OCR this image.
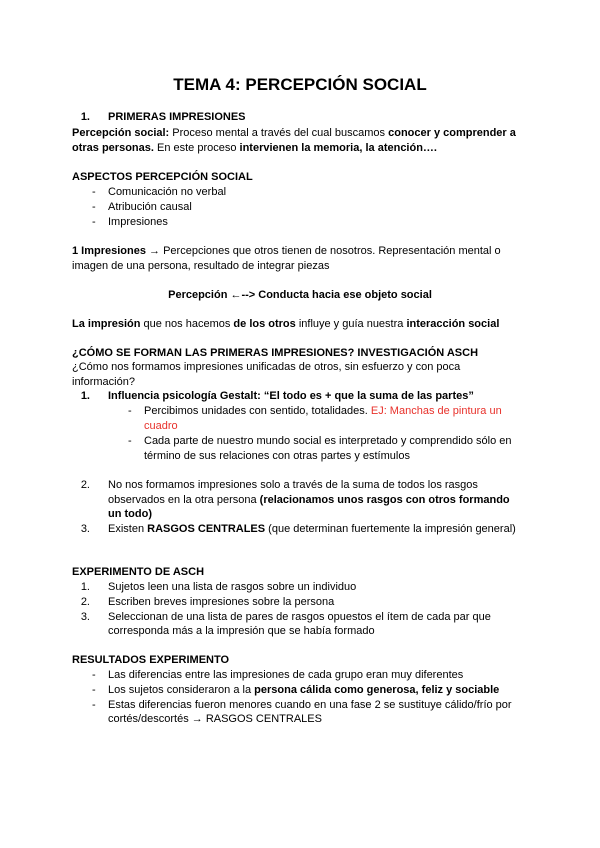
TEMA 4: PERCEPCIÓN SOCIAL
1. PRIMERAS IMPRESIONES
Percepción social: Proceso mental a través del cual buscamos conocer y comprender a
otras personas. En este proceso intervienen la memoria, la atención….
ASPECTOS PERCEPCIÓN SOCIAL
- Comunicación no verbal
- Atribución causal
- Impresiones
1 Impresiones → Percepciones que otros tienen de nosotros. Representación mental o
imagen de una persona, resultado de integrar piezas
Percepción ←--> Conducta hacia ese objeto social
La impresión que nos hacemos de los otros influye y guía nuestra interacción social
¿CÓMO SE FORMAN LAS PRIMERAS IMPRESIONES? INVESTIGACIÓN ASCH
¿Cómo nos formamos impresiones unificadas de otros, sin esfuerzo y con poca
información?
1. Influencia psicología Gestalt: “El todo es + que la suma de las partes”
- Percibimos unidades con sentido, totalidades. EJ: Manchas de pintura un
cuadro
- Cada parte de nuestro mundo social es interpretado y comprendido sólo en
término de sus relaciones con otras partes y estímulos
2. No nos formamos impresiones solo a través de la suma de todos los rasgos
observados en la otra persona (relacionamos unos rasgos con otros formando
un todo)
3. Existen RASGOS CENTRALES (que determinan fuertemente la impresión general)
EXPERIMENTO DE ASCH
1. Sujetos leen una lista de rasgos sobre un individuo
2. Escriben breves impresiones sobre la persona
3. Seleccionan de una lista de pares de rasgos opuestos el ítem de cada par que
corresponda más a la impresión que se había formado
RESULTADOS EXPERIMENTO
- Las diferencias entre las impresiones de cada grupo eran muy diferentes
- Los sujetos consideraron a la persona cálida como generosa, feliz y sociable
- Estas diferencias fueron menores cuando en una fase 2 se sustituye cálido/frío por
cortés/descortés → RASGOS CENTRALES
